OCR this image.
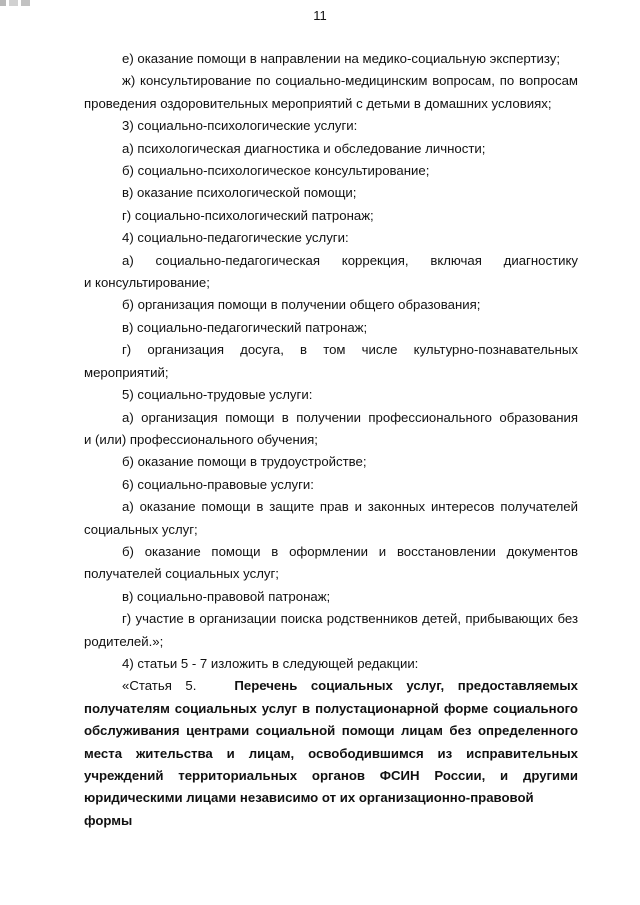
11

е) оказание помощи в направлении на медико-социальную экспертизу;

ж) консультирование по социально-медицинским вопросам, по вопросам

проведения оздоровительных мероприятий с детьми в домашних условиях;

3) социально-психологические услуги:

а) психологическая диагностика и обследование личности;

б) социально-психологическое консультирование;

в) оказание психологической помощи;

г) социально-психологический патронаж;

4) социально-педагогические услуги:

а) социально-педагогическая коррекция, включая диагностику

и консультирование;

б) организация помощи в получении общего образования;

в) социально-педагогический патронаж;

г) организация досуга, в том числе культурно-познавательных

мероприятий;

5) социально-трудовые услуги:

а) организация помощи в получении профессионального образования

и (или) профессионального обучения;

б) оказание помощи в трудоустройстве;

6) социально-правовые услуги:

а) оказание помощи в защите прав и законных интересов получателей

социальных услуг;

б) оказание помощи в оформлении и восстановлении документов

получателей социальных услуг;

в) социально-правовой патронаж;

г) участие в организации поиска родственников детей, прибывающих без

родителей.»;

4) статьи 5 - 7 изложить в следующей редакции:

«Статья 5.	Перечень социальных услуг, предоставляемых

получателям социальных услуг в полустационарной форме социального

обслуживания центрами социальной помощи лицам без определенного

места жительства и лицам, освободившимся из исправительных

учреждений территориальных органов ФСИН России, и другими

юридическими лицами независимо от их организационно-правовой формы
